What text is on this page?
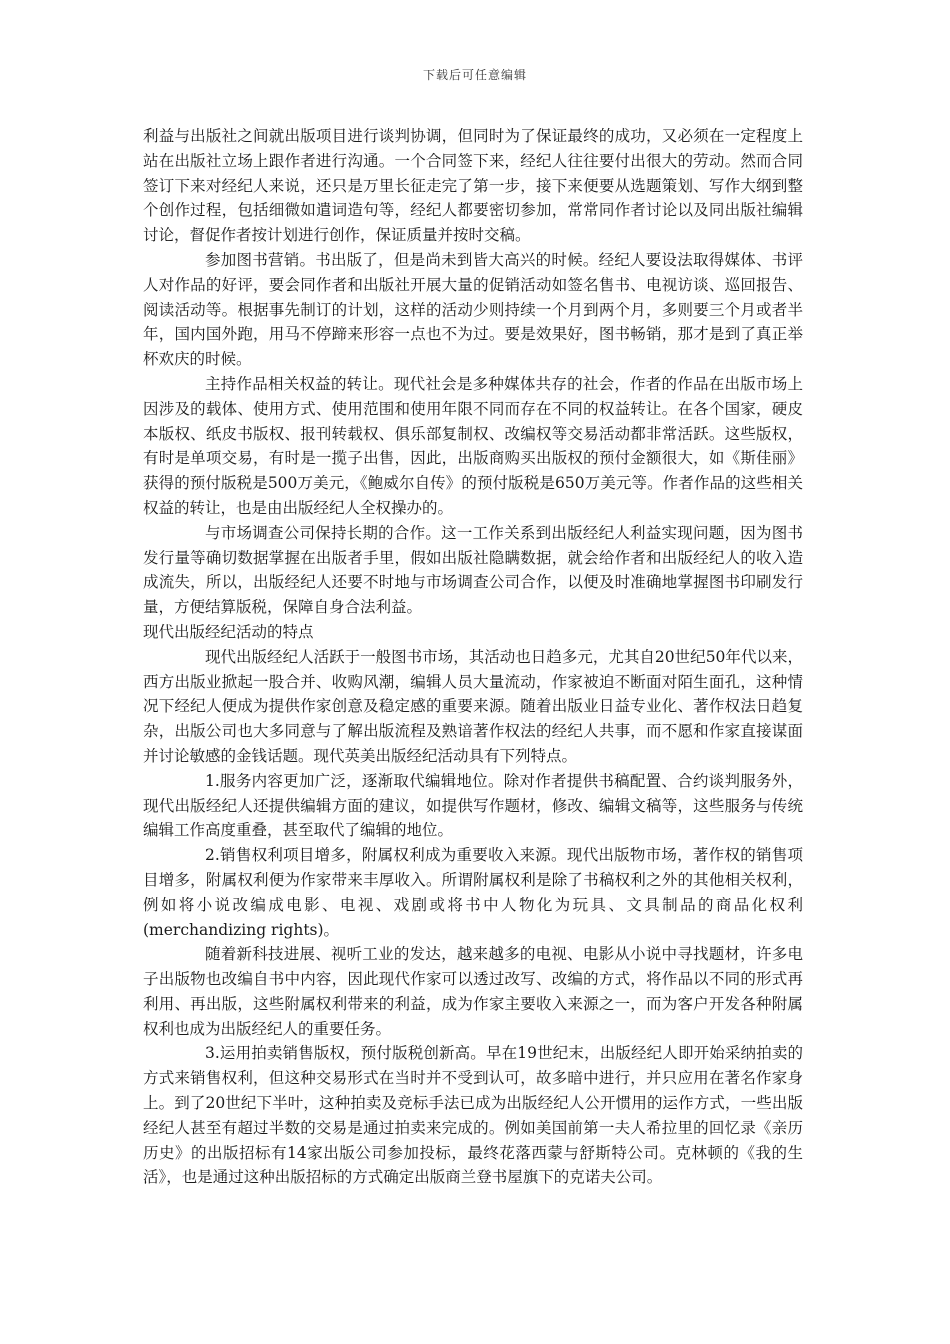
下载后可任意编辑

利益与出版社之间就出版项目进行谈判协调，但同时为了保证最终的成功，又必须在一定程度上站在出版社立场上跟作者进行沟通。一个合同签下来，经纪人往往要付出很大的劳动。然而合同签订下来对经纪人来说，还只是万里长征走完了第一步，接下来便要从选题策划、写作大纲到整个创作过程，包括细微如遣词造句等，经纪人都要密切参加，常常同作者讨论以及同出版社编辑讨论，督促作者按计划进行创作，保证质量并按时交稿。

参加图书营销。书出版了，但是尚未到皆大高兴的时候。经纪人要设法取得媒体、书评人对作品的好评，要会同作者和出版社开展大量的促销活动如签名售书、电视访谈、巡回报告、阅读活动等。根据事先制订的计划，这样的活动少则持续一个月到两个月，多则要三个月或者半年，国内国外跑，用马不停蹄来形容一点也不为过。要是效果好，图书畅销，那才是到了真正举杯欢庆的时候。

主持作品相关权益的转让。现代社会是多种媒体共存的社会，作者的作品在出版市场上因涉及的载体、使用方式、使用范围和使用年限不同而存在不同的权益转让。在各个国家，硬皮本版权、纸皮书版权、报刊转载权、俱乐部复制权、改编权等交易活动都非常活跃。这些版权，有时是单项交易，有时是一揽子出售，因此，出版商购买出版权的预付金额很大，如《斯佳丽》获得的预付版税是500万美元，《鲍威尔自传》的预付版税是650万美元等。作者作品的这些相关权益的转让，也是由出版经纪人全权操办的。

与市场调查公司保持长期的合作。这一工作关系到出版经纪人利益实现问题，因为图书发行量等确切数据掌握在出版者手里，假如出版社隐瞒数据，就会给作者和出版经纪人的收入造成流失，所以，出版经纪人还要不时地与市场调查公司合作，以便及时准确地掌握图书印刷发行量，方便结算版税，保障自身合法利益。

现代出版经纪活动的特点

现代出版经纪人活跃于一般图书市场，其活动也日趋多元，尤其自20世纪50年代以来，西方出版业掀起一股合并、收购风潮，编辑人员大量流动，作家被迫不断面对陌生面孔，这种情况下经纪人便成为提供作家创意及稳定感的重要来源。随着出版业日益专业化、著作权法日趋复杂，出版公司也大多同意与了解出版流程及熟谙著作权法的经纪人共事，而不愿和作家直接谋面并讨论敏感的金钱话题。现代英美出版经纪活动具有下列特点。

1.服务内容更加广泛，逐渐取代编辑地位。除对作者提供书稿配置、合约谈判服务外，现代出版经纪人还提供编辑方面的建议，如提供写作题材，修改、编辑文稿等，这些服务与传统编辑工作高度重叠，甚至取代了编辑的地位。

2.销售权利项目增多，附属权利成为重要收入来源。现代出版物市场，著作权的销售项目增多，附属权利便为作家带来丰厚收入。所谓附属权利是除了书稿权利之外的其他相关权利，例如将小说改编成电影、电视、戏剧或将书中人物化为玩具、文具制品的商品化权利(merchandizing rights)。

随着新科技进展、视听工业的发达，越来越多的电视、电影从小说中寻找题材，许多电子出版物也改编自书中内容，因此现代作家可以透过改写、改编的方式，将作品以不同的形式再利用、再出版，这些附属权利带来的利益，成为作家主要收入来源之一，而为客户开发各种附属权利也成为出版经纪人的重要任务。

3.运用拍卖销售版权，预付版税创新高。早在19世纪末，出版经纪人即开始采纳拍卖的方式来销售权利，但这种交易形式在当时并不受到认可，故多暗中进行，并只应用在著名作家身上。到了20世纪下半叶，这种拍卖及竞标手法已成为出版经纪人公开惯用的运作方式，一些出版经纪人甚至有超过半数的交易是通过拍卖来完成的。例如美国前第一夫人希拉里的回忆录《亲历历史》的出版招标有14家出版公司参加投标，最终花落西蒙与舒斯特公司。克林顿的《我的生活》，也是通过这种出版招标的方式确定出版商兰登书屋旗下的克诺夫公司。
